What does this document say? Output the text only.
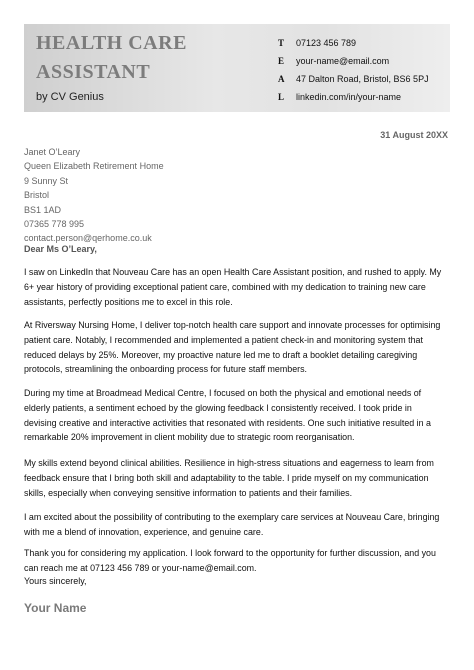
HEALTH CARE
ASSISTANT
by CV Genius
T 07123 456 789
E your-name@email.com
A 47 Dalton Road, Bristol, BS6 5PJ
L linkedin.com/in/your-name
31 August 20XX
Janet O’Leary
Queen Elizabeth Retirement Home
9 Sunny St
Bristol
BS1 1AD
07365 778 995
contact.person@qerhome.co.uk
Dear Ms O’Leary,

I saw on LinkedIn that Nouveau Care has an open Health Care Assistant position, and rushed to apply. My 6+ year history of providing exceptional patient care, combined with my dedication to training new care assistants, perfectly positions me to excel in this role.

At Riversway Nursing Home, I deliver top-notch health care support and innovate processes for optimising patient care. Notably, I recommended and implemented a patient check-in and monitoring system that reduced delays by 25%. Moreover, my proactive nature led me to draft a booklet detailing caregiving protocols, streamlining the onboarding process for future staff members.

During my time at Broadmead Medical Centre, I focused on both the physical and emotional needs of elderly patients, a sentiment echoed by the glowing feedback I consistently received. I took pride in devising creative and interactive activities that resonated with residents. One such initiative resulted in a remarkable 20% improvement in client mobility due to strategic room reorganisation.

My skills extend beyond clinical abilities. Resilience in high-stress situations and eagerness to learn from feedback ensure that I bring both skill and adaptability to the table. I pride myself on my communication skills, especially when conveying sensitive information to patients and their families.

I am excited about the possibility of contributing to the exemplary care services at Nouveau Care, bringing with me a blend of innovation, experience, and genuine care.

Thank you for considering my application. I look forward to the opportunity for further discussion, and you can reach me at 07123 456 789 or your-name@email.com.

Yours sincerely,
Your Name
